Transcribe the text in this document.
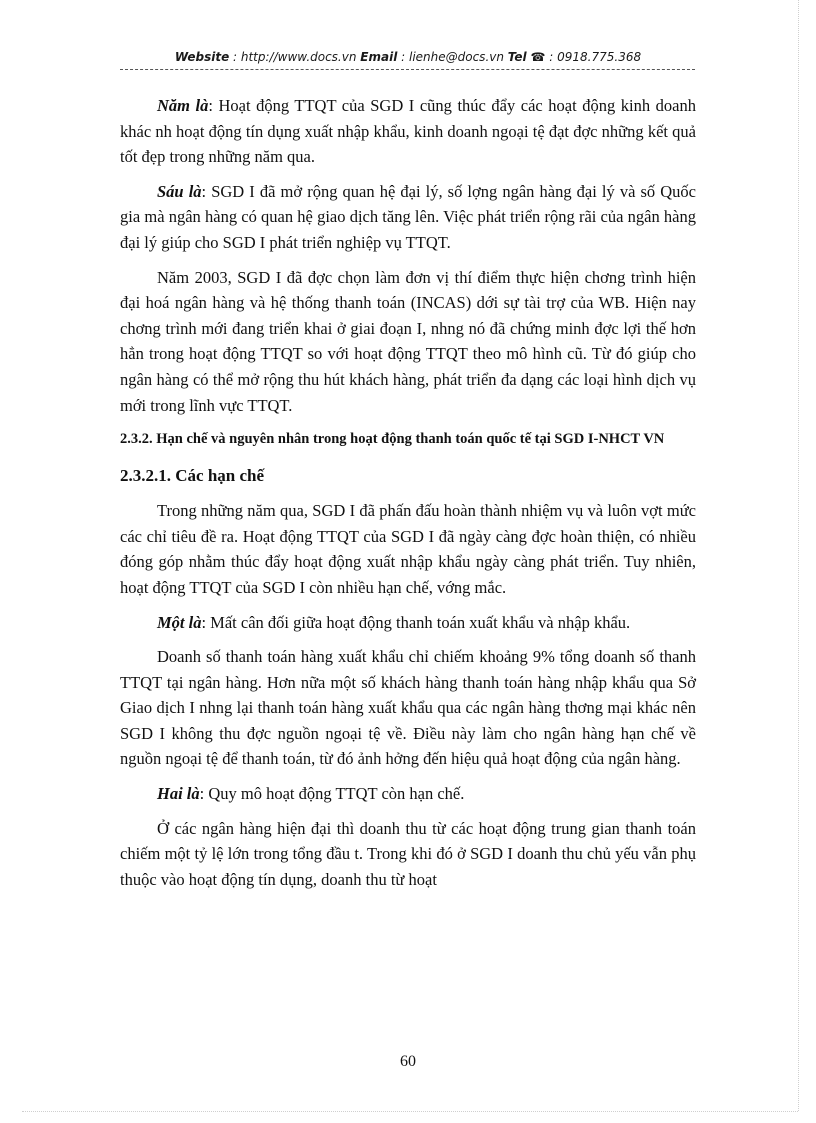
Website : http://www.docs.vn Email : lienhe@docs.vn Tel ☎ : 0918.775.368

Năm là: Hoạt động TTQT của SGD I cũng thúc đẩy các hoạt động kinh doanh khác nh hoạt động tín dụng xuất nhập khẩu, kinh doanh ngoại tệ đạt đợc những kết quả tốt đẹp trong những năm qua.

Sáu là: SGD I đã mở rộng quan hệ đại lý, số lợng ngân hàng đại lý và số Quốc gia mà ngân hàng có quan hệ giao dịch tăng lên. Việc phát triển rộng rãi của ngân hàng đại lý giúp cho SGD I phát triển nghiệp vụ TTQT.

Năm 2003, SGD I đã đợc chọn làm đơn vị thí điểm thực hiện chơng trình hiện đại hoá ngân hàng và hệ thống thanh toán (INCAS) dới sự tài trợ của WB. Hiện nay chơng trình mới đang triển khai ở giai đoạn I, nhng nó đã chứng minh đợc lợi thế hơn hẳn trong hoạt động TTQT so với hoạt động TTQT theo mô hình cũ. Từ đó giúp cho ngân hàng có thể mở rộng thu hút khách hàng, phát triển đa dạng các loại hình dịch vụ mới trong lĩnh vực TTQT.

2.3.2. Hạn chế và nguyên nhân trong hoạt động thanh toán quốc tế tại SGD I-NHCT VN
2.3.2.1. Các hạn chế

Trong những năm qua, SGD I đã phấn đấu hoàn thành nhiệm vụ và luôn vợt mức các chỉ tiêu đề ra. Hoạt động TTQT của SGD I đã ngày càng đợc hoàn thiện, có nhiều đóng góp nhằm thúc đẩy hoạt động xuất nhập khẩu ngày càng phát triển. Tuy nhiên, hoạt động TTQT của SGD I còn nhiều hạn chế, vớng mắc.

Một là: Mất cân đối giữa hoạt động thanh toán xuất khẩu và nhập khẩu.

Doanh số thanh toán hàng xuất khẩu chỉ chiếm khoảng 9% tổng doanh số thanh TTQT tại ngân hàng. Hơn nữa một số khách hàng thanh toán hàng nhập khẩu qua Sở Giao dịch I nhng lại thanh toán hàng xuất khẩu qua các ngân hàng thơng mại khác nên SGD I không thu đợc nguồn ngoại tệ về. Điều này làm cho ngân hàng hạn chế về nguồn ngoại tệ để thanh toán, từ đó ảnh hởng đến hiệu quả hoạt động của ngân hàng.

Hai là: Quy mô hoạt động TTQT còn hạn chế.

Ở các ngân hàng hiện đại thì doanh thu từ các hoạt động trung gian thanh toán chiếm một tỷ lệ lớn trong tổng đầu t. Trong khi đó ở SGD I doanh thu chủ yếu vẫn phụ thuộc vào hoạt động tín dụng, doanh thu từ hoạt

60
